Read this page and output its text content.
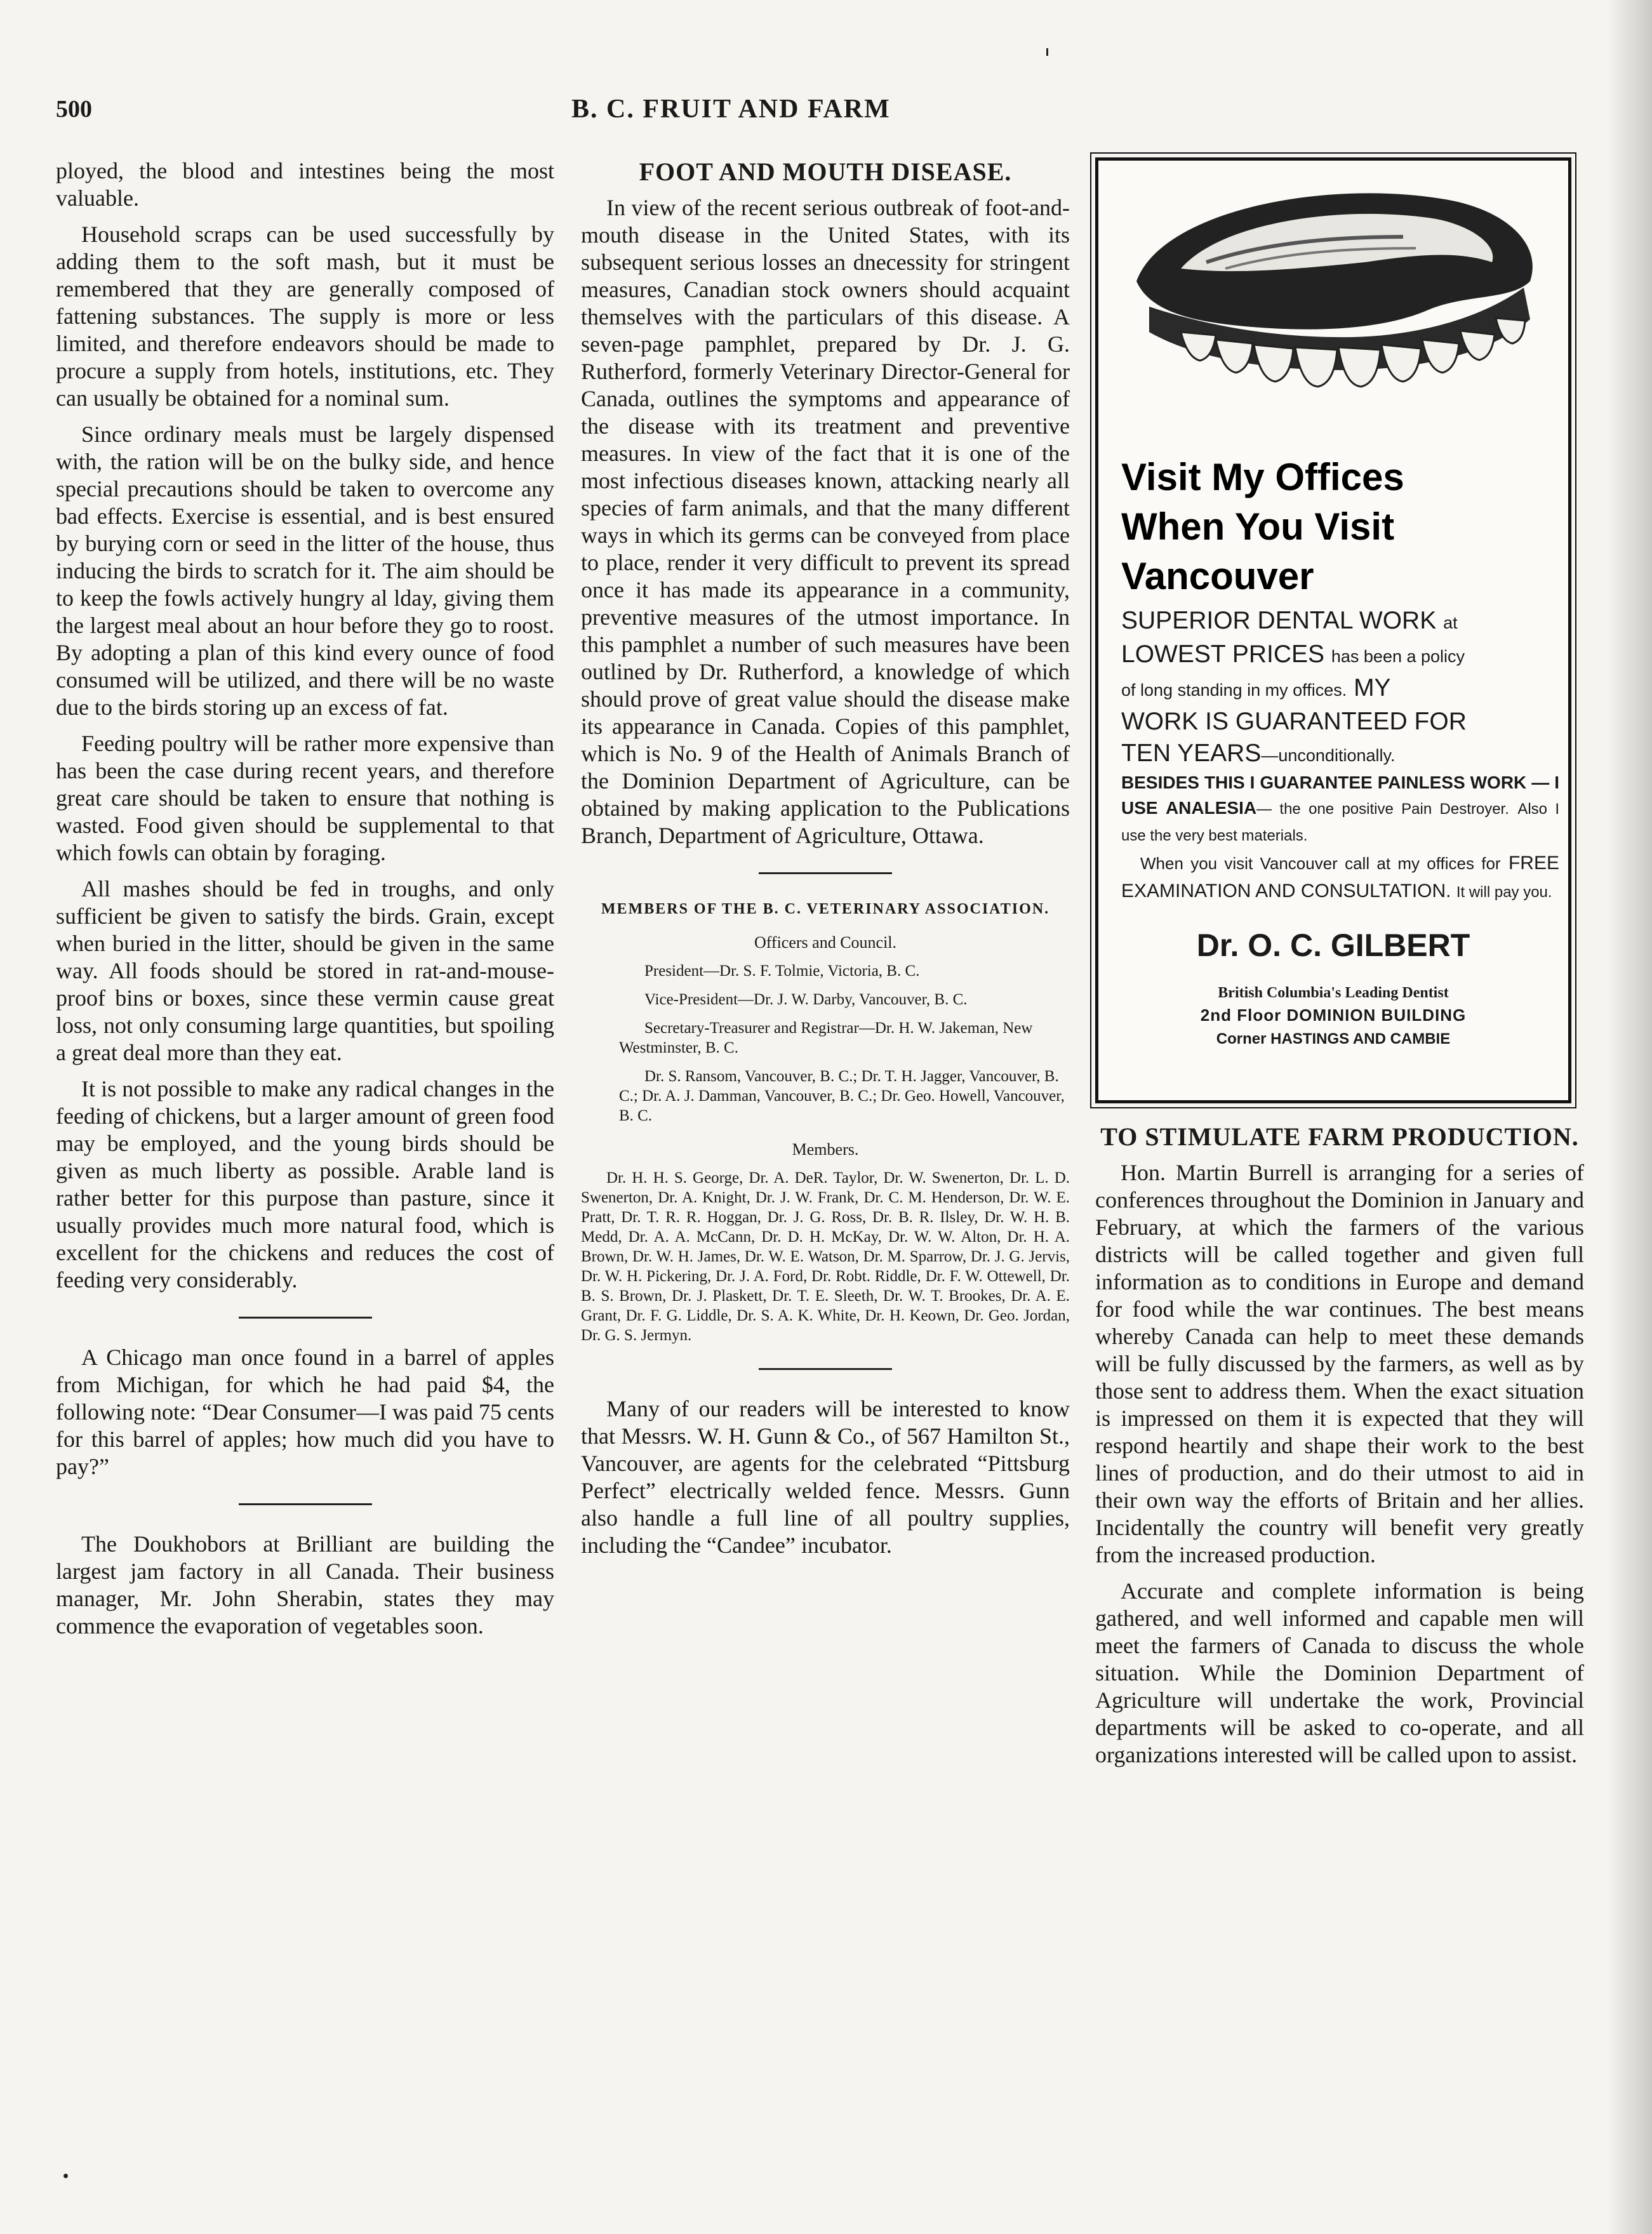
500	B. C. FRUIT AND FARM

ployed, the blood and intestines being the most valuable.

Household scraps can be used successfully by adding them to the soft mash, but it must be remembered that they are generally composed of fattening substances. The supply is more or less limited, and therefore endeavors should be made to procure a supply from hotels, institutions, etc. They can usually be obtained for a nominal sum.

Since ordinary meals must be largely dispensed with, the ration will be on the bulky side, and hence special precautions should be taken to overcome any bad effects. Exercise is essential, and is best ensured by burying corn or seed in the litter of the house, thus inducing the birds to scratch for it. The aim should be to keep the fowls actively hungry al lday, giving them the largest meal about an hour before they go to roost. By adopting a plan of this kind every ounce of food consumed will be utilized, and there will be no waste due to the birds storing up an excess of fat.

Feeding poultry will be rather more expensive than has been the case during recent years, and therefore great care should be taken to ensure that nothing is wasted. Food given should be supplemental to that which fowls can obtain by foraging.

All mashes should be fed in troughs, and only sufficient be given to satisfy the birds. Grain, except when buried in the litter, should be given in the same way. All foods should be stored in rat-and-mouse-proof bins or boxes, since these vermin cause great loss, not only consuming large quantities, but spoiling a great deal more than they eat.

It is not possible to make any radical changes in the feeding of chickens, but a larger amount of green food may be employed, and the young birds should be given as much liberty as possible. Arable land is rather better for this purpose than pasture, since it usually provides much more natural food, which is excellent for the chickens and reduces the cost of feeding very considerably.

A Chicago man once found in a barrel of apples from Michigan, for which he had paid $4, the following note: “Dear Consumer—I was paid 75 cents for this barrel of apples; how much did you have to pay?”

The Doukhobors at Brilliant are building the largest jam factory in all Canada. Their business manager, Mr. John Sherabin, states they may commence the evaporation of vegetables soon.

FOOT AND MOUTH DISEASE.

In view of the recent serious outbreak of foot-and-mouth disease in the United States, with its subsequent serious losses an dnecessity for stringent measures, Canadian stock owners should acquaint themselves with the particulars of this disease. A seven-page pamphlet, prepared by Dr. J. G. Rutherford, formerly Veterinary Director-General for Canada, outlines the symptoms and appearance of the disease with its treatment and preventive measures. In view of the fact that it is one of the most infectious diseases known, attacking nearly all species of farm animals, and that the many different ways in which its germs can be conveyed from place to place, render it very difficult to prevent its spread once it has made its appearance in a community, preventive measures of the utmost importance. In this pamphlet a number of such measures have been outlined by Dr. Rutherford, a knowledge of which should prove of great value should the disease make its appearance in Canada. Copies of this pamphlet, which is No. 9 of the Health of Animals Branch of the Dominion Department of Agriculture, can be obtained by making application to the Publications Branch, Department of Agriculture, Ottawa.

MEMBERS OF THE B. C. VETERINARY ASSOCIATION.
Officers and Council.

President—Dr. S. F. Tolmie, Victoria, B. C.

Vice-President—Dr. J. W. Darby, Vancouver, B. C.

Secretary-Treasurer and Registrar—Dr. H. W. Jakeman, New Westminster, B. C.

Dr. S. Ransom, Vancouver, B. C.; Dr. T. H. Jagger, Vancouver, B. C.; Dr. A. J. Damman, Vancouver, B. C.; Dr. Geo. Howell, Vancouver, B. C.

Members.

Dr. H. H. S. George, Dr. A. DeR. Taylor, Dr. W. Swenerton, Dr. L. D. Swenerton, Dr. A. Knight, Dr. J. W. Frank, Dr. C. M. Henderson, Dr. W. E. Pratt, Dr. T. R. R. Hoggan, Dr. J. G. Ross, Dr. B. R. Ilsley, Dr. W. H. B. Medd, Dr. A. A. McCann, Dr. D. H. McKay, Dr. W. W. Alton, Dr. H. A. Brown, Dr. W. H. James, Dr. W. E. Watson, Dr. M. Sparrow, Dr. J. G. Jervis, Dr. W. H. Pickering, Dr. J. A. Ford, Dr. Robt. Riddle, Dr. F. W. Ottewell, Dr. B. S. Brown, Dr. J. Plaskett, Dr. T. E. Sleeth, Dr. W. T. Brookes, Dr. A. E. Grant, Dr. F. G. Liddle, Dr. S. A. K. White, Dr. H. Keown, Dr. Geo. Jordan, Dr. G. S. Jermyn.

Many of our readers will be interested to know that Messrs. W. H. Gunn & Co., of 567 Hamilton St., Vancouver, are agents for the celebrated “Pittsburg Perfect” electrically welded fence. Messrs. Gunn also handle a full line of all poultry supplies, including the “Candee” incubator.

Visit My Offices
When You Visit
Vancouver
SUPERIOR DENTAL WORK at
LOWEST PRICES has been a policy
of long standing in my offices. MY
WORK IS GUARANTEED FOR
TEN YEARS—unconditionally.
BESIDES THIS I GUARANTEE PAINLESS WORK — I USE ANALESIA— the one positive Pain Destroyer. Also I use the very best materials.
When you visit Vancouver call at my offices for FREE EXAMINATION AND CONSULTATION. It will pay you.
Dr. O. C. GILBERT
British Columbia's Leading Dentist
2nd Floor DOMINION BUILDING
Corner HASTINGS AND CAMBIE
TO STIMULATE FARM PRODUCTION.

Hon. Martin Burrell is arranging for a series of conferences throughout the Dominion in January and February, at which the farmers of the various districts will be called together and given full information as to conditions in Europe and demand for food while the war continues. The best means whereby Canada can help to meet these demands will be fully discussed by the farmers, as well as by those sent to address them. When the exact situation is impressed on them it is expected that they will respond heartily and shape their work to the best lines of production, and do their utmost to aid in their own way the efforts of Britain and her allies. Incidentally the country will benefit very greatly from the increased production.

Accurate and complete information is being gathered, and well informed and capable men will meet the farmers of Canada to discuss the whole situation. While the Dominion Department of Agriculture will undertake the work, Provincial departments will be asked to co-operate, and all organizations interested will be called upon to assist.
